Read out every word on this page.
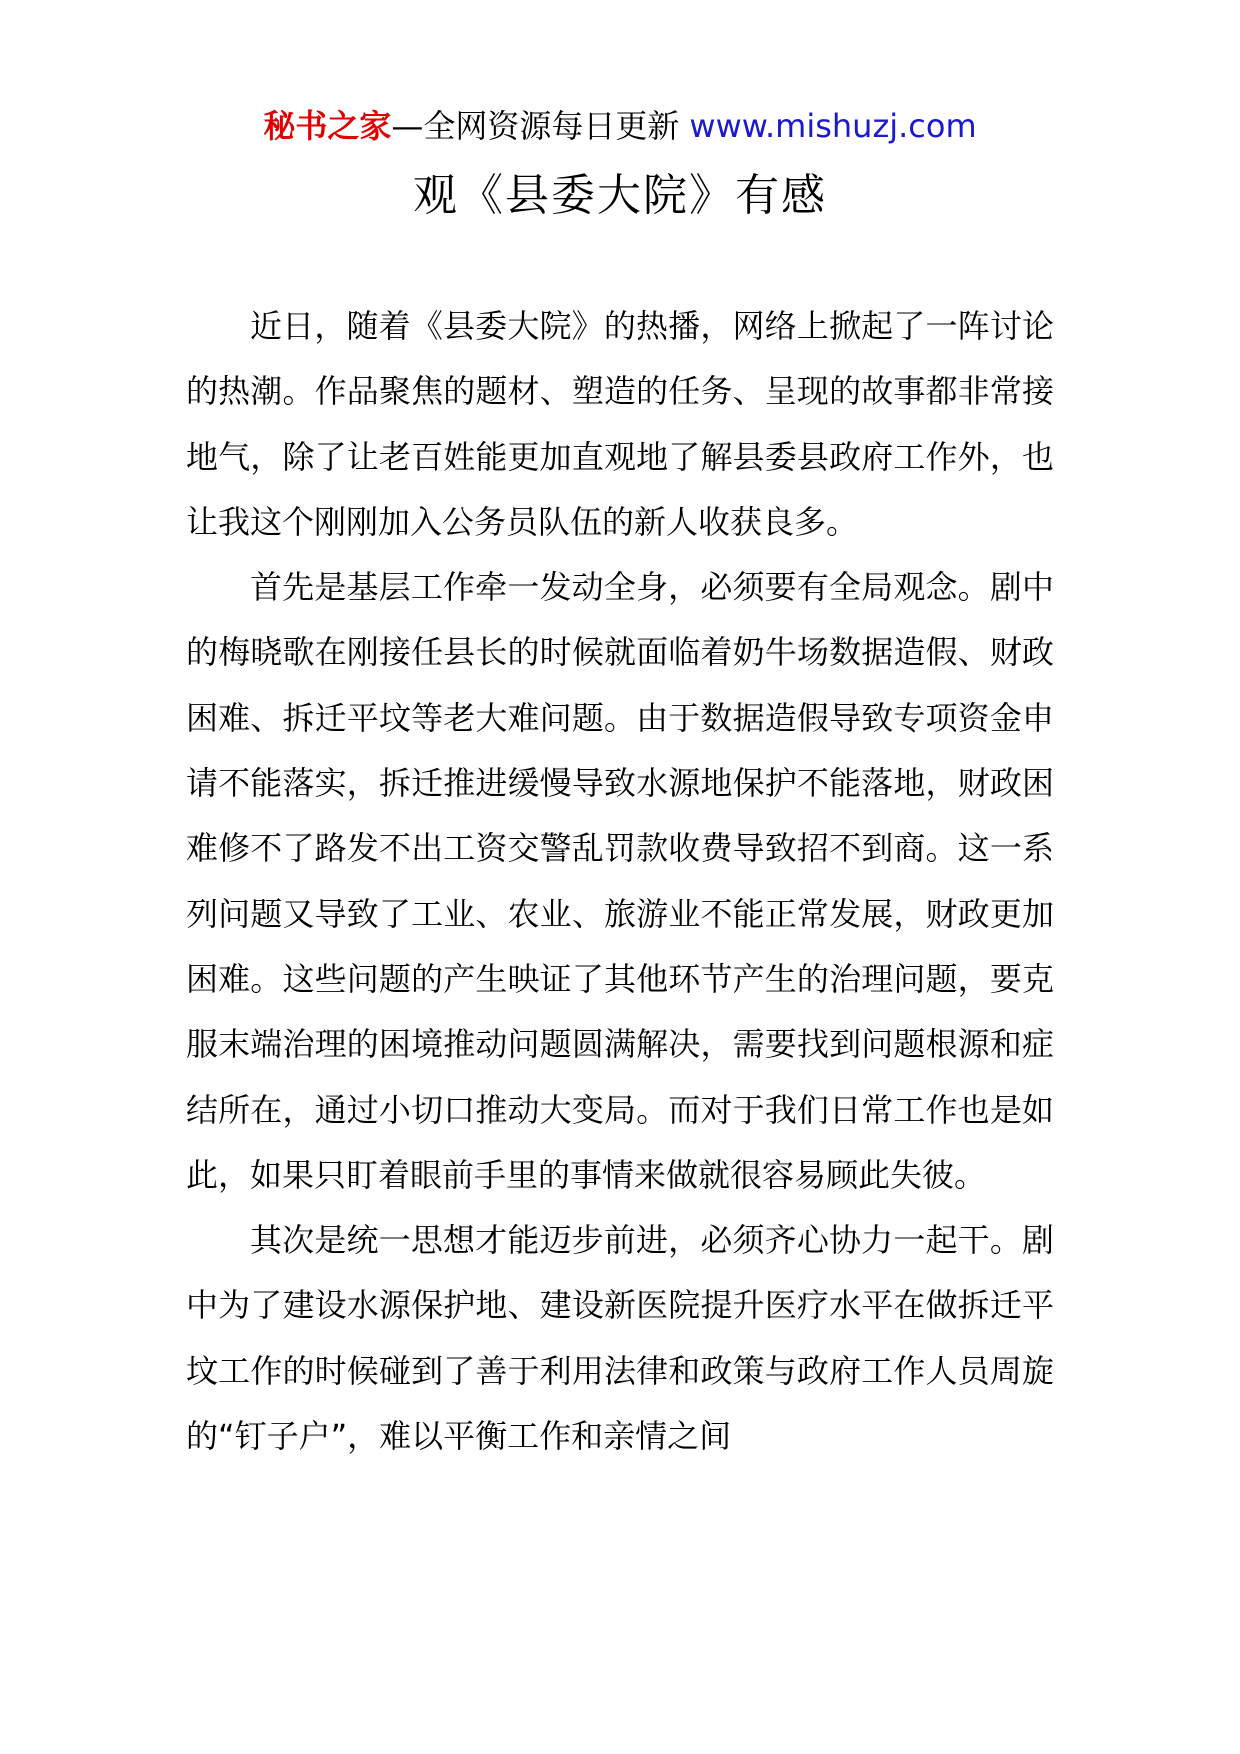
秘书之家—全网资源每日更新 www.mishuzj.com
观《县委大院》有感

近日，随着《县委大院》的热播，网络上掀起了一阵讨论的热潮。作品聚焦的题材、塑造的任务、呈现的故事都非常接地气，除了让老百姓能更加直观地了解县委县政府工作外，也让我这个刚刚加入公务员队伍的新人收获良多。

首先是基层工作牵一发动全身，必须要有全局观念。剧中的梅晓歌在刚接任县长的时候就面临着奶牛场数据造假、财政困难、拆迁平坟等老大难问题。由于数据造假导致专项资金申请不能落实，拆迁推进缓慢导致水源地保护不能落地，财政困难修不了路发不出工资交警乱罚款收费导致招不到商。这一系列问题又导致了工业、农业、旅游业不能正常发展，财政更加困难。这些问题的产生映证了其他环节产生的治理问题，要克服末端治理的困境推动问题圆满解决，需要找到问题根源和症结所在，通过小切口推动大变局。而对于我们日常工作也是如此，如果只盯着眼前手里的事情来做就很容易顾此失彼。

其次是统一思想才能迈步前进，必须齐心协力一起干。剧中为了建设水源保护地、建设新医院提升医疗水平在做拆迁平坟工作的时候碰到了善于利用法律和政策与政府工作人员周旋的“钉子户”，难以平衡工作和亲情之间
